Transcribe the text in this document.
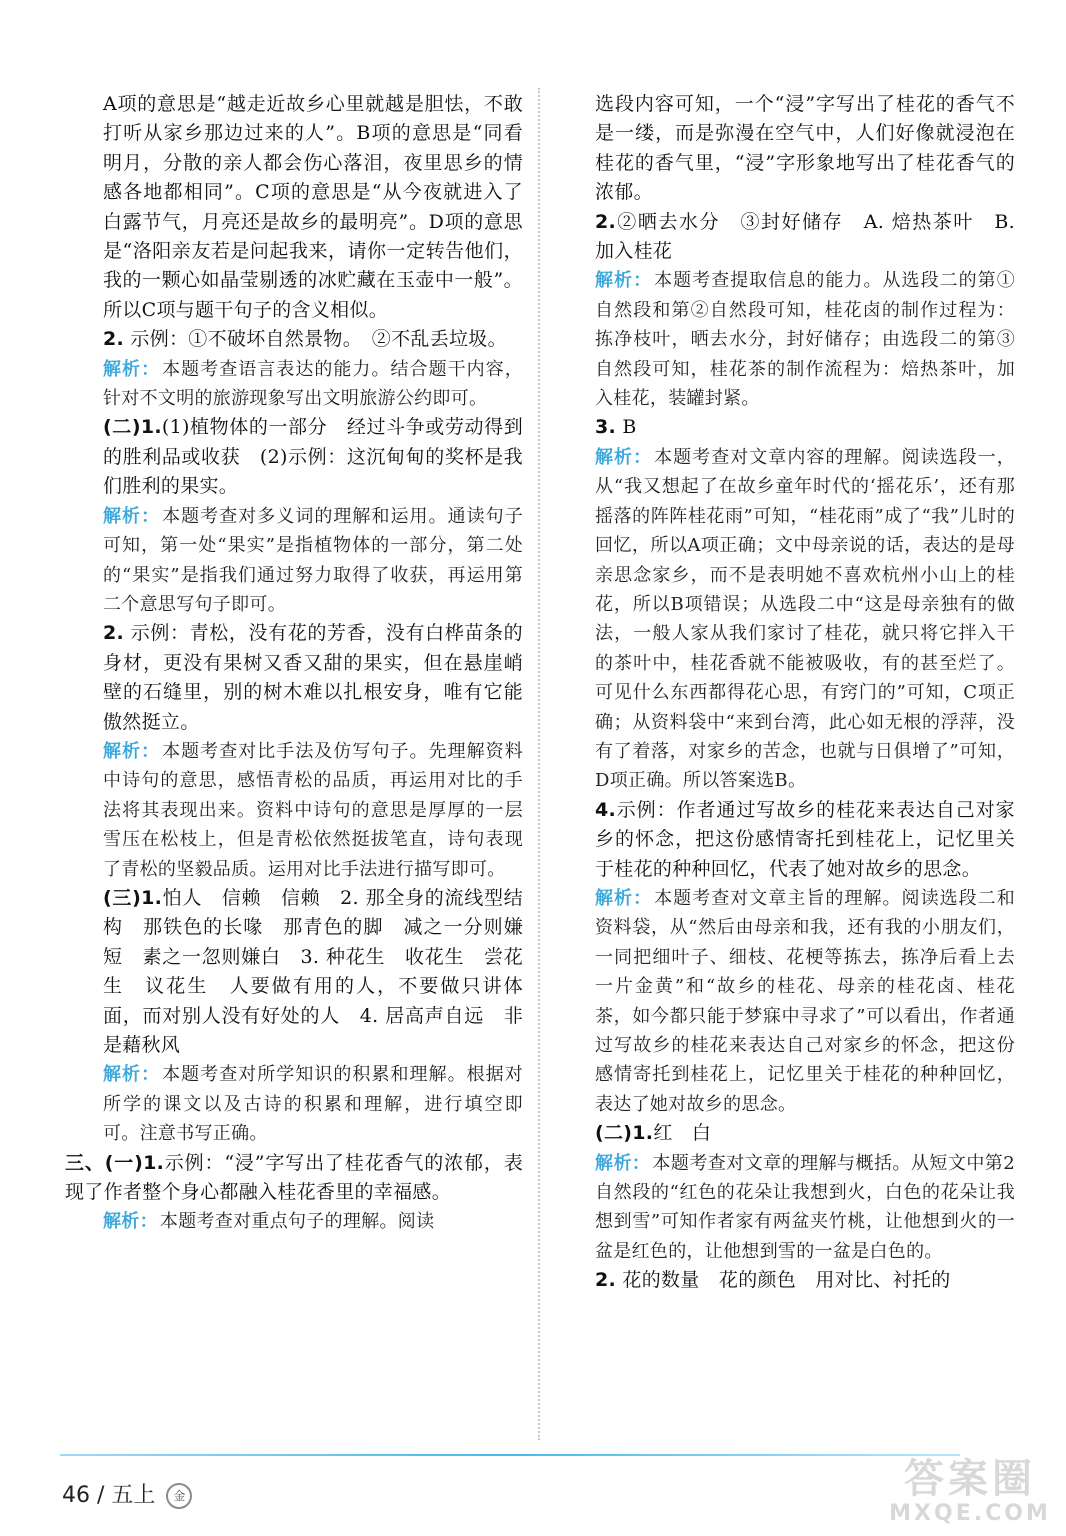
A项的意思是“越走近故乡心里就越是胆怯，不敢打听从家乡那边过来的人”。B项的意思是“同看明月，分散的亲人都会伤心落泪，夜里思乡的情感各地都相同”。C项的意思是“从今夜就进入了白露节气，月亮还是故乡的最明亮”。D项的意思是“洛阳亲友若是问起我来，请你一定转告他们，我的一颗心如晶莹剔透的冰贮藏在玉壶中一般”。所以C项与题干句子的含义相似。

2. 示例：①不破坏自然景物。　②不乱丢垃圾。

解析： 本题考查语言表达的能力。结合题干内容，针对不文明的旅游现象写出文明旅游公约即可。

(二)1.(1)植物体的一部分　经过斗争或劳动得到的胜利品或收获　(2)示例：这沉甸甸的奖杯是我们胜利的果实。

解析： 本题考查对多义词的理解和运用。通读句子可知，第一处“果实”是指植物体的一部分，第二处的“果实”是指我们通过努力取得了收获，再运用第二个意思写句子即可。

2. 示例：青松，没有花的芳香，没有白桦苗条的身材，更没有果树又香又甜的果实，但在悬崖峭壁的石缝里，别的树木难以扎根安身，唯有它能傲然挺立。

解析： 本题考查对比手法及仿写句子。先理解资料中诗句的意思，感悟青松的品质，再运用对比的手法将其表现出来。资料中诗句的意思是厚厚的一层雪压在松枝上，但是青松依然挺拔笔直，诗句表现了青松的坚毅品质。运用对比手法进行描写即可。

(三)1.怕人　信赖　信赖　2. 那全身的流线型结构　那铁色的长喙　那青色的脚　减之一分则嫌短　素之一忽则嫌白　3. 种花生　收花生　尝花生　议花生　人要做有用的人，不要做只讲体面，而对别人没有好处的人　4. 居高声自远　非是藉秋风

解析： 本题考查对所学知识的积累和理解。根据对所学的课文以及古诗的积累和理解，进行填空即可。注意书写正确。

三、(一)1.示例：“浸”字写出了桂花香气的浓郁，表现了作者整个身心都融入桂花香里的幸福感。

解析： 本题考查对重点句子的理解。阅读

选段内容可知，一个“浸”字写出了桂花的香气不是一缕，而是弥漫在空气中，人们好像就浸泡在桂花的香气里，“浸”字形象地写出了桂花香气的浓郁。

2.②晒去水分　③封好储存　A. 焙热茶叶　B. 加入桂花

解析： 本题考查提取信息的能力。从选段二的第①自然段和第②自然段可知，桂花卤的制作过程为：拣净枝叶，晒去水分，封好储存；由选段二的第③自然段可知，桂花茶的制作流程为：焙热茶叶，加入桂花，装罐封紧。

3. B

解析： 本题考查对文章内容的理解。阅读选段一，从“我又想起了在故乡童年时代的‘摇花乐’，还有那摇落的阵阵桂花雨”可知，“桂花雨”成了“我”儿时的回忆，所以A项正确；文中母亲说的话，表达的是母亲思念家乡，而不是表明她不喜欢杭州小山上的桂花，所以B项错误；从选段二中“这是母亲独有的做法，一般人家从我们家讨了桂花，就只将它拌入干的茶叶中，桂花香就不能被吸收，有的甚至烂了。可见什么东西都得花心思，有窍门的”可知，C项正确；从资料袋中“来到台湾，此心如无根的浮萍，没有了着落，对家乡的苦念，也就与日俱增了”可知，D项正确。所以答案选B。

4.示例：作者通过写故乡的桂花来表达自己对家乡的怀念，把这份感情寄托到桂花上，记忆里关于桂花的种种回忆，代表了她对故乡的思念。

解析： 本题考查对文章主旨的理解。阅读选段二和资料袋，从“然后由母亲和我，还有我的小朋友们，一同把细叶子、细枝、花梗等拣去，拣净后看上去一片金黄”和“故乡的桂花、母亲的桂花卤、桂花茶，如今都只能于梦寐中寻求了”可以看出，作者通过写故乡的桂花来表达自己对家乡的怀念，把这份感情寄托到桂花上，记忆里关于桂花的种种回忆，表达了她对故乡的思念。

(二)1.红　白

解析： 本题考查对文章的理解与概括。从短文中第2自然段的“红色的花朵让我想到火，白色的花朵让我想到雪”可知作者家有两盆夹竹桃，让他想到火的一盆是红色的，让他想到雪的一盆是白色的。

2. 花的数量　花的颜色　用对比、衬托的

46 / 五上 金	答案圈
MXQE.COM
